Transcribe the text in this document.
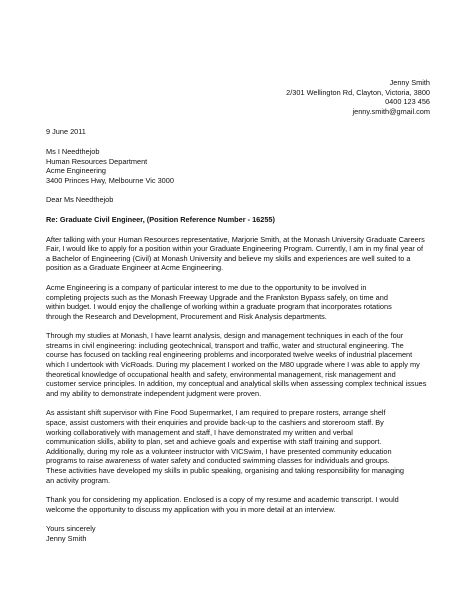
Jenny Smith
2/301 Wellington Rd, Clayton, Victoria, 3800
0400 123 456
jenny.smith@gmail.com
9 June 2011
Ms I Needthejob
Human Resources Department
Acme Engineering
3400 Princes Hwy, Melbourne Vic 3000
Dear Ms Needthejob
Re: Graduate Civil Engineer, (Position Reference Number - 16255)
After talking with your Human Resources representative, Marjorie Smith, at the Monash University Graduate Careers
Fair, I would like to apply for a position within your Graduate Engineering Program. Currently, I am in my final year of
a Bachelor of Engineering (Civil) at Monash University and believe my skills and experiences are well suited to a
position as a Graduate Engineer at Acme Engineering.
Acme Engineering is a company of particular interest to me due to the opportunity to be involved in
completing projects such as the Monash Freeway Upgrade and the Frankston Bypass safely, on time and
within budget. I would enjoy the challenge of working within a graduate program that incorporates rotations
through the Research and Development, Procurement and Risk Analysis departments.
Through my studies at Monash, I have learnt analysis, design and management techniques in each of the four
streams in civil engineering: including geotechnical, transport and traffic, water and structural engineering. The
course has focused on tackling real engineering problems and incorporated twelve weeks of industrial placement
which I undertook with VicRoads. During my placement I worked on the M80 upgrade where I was able to apply my
theoretical knowledge of occupational health and safety, environmental management, risk management and
customer service principles. In addition, my conceptual and analytical skills when assessing complex technical issues
and my ability to demonstrate independent judgment were proven.
As assistant shift supervisor with Fine Food Supermarket, I am required to prepare rosters, arrange shelf
space, assist customers with their enquiries and provide back-up to the cashiers and storeroom staff. By
working collaboratively with management and staff, I have demonstrated my written and verbal
communication skills, ability to plan, set and achieve goals and expertise with staff training and support.
Additionally, during my role as a volunteer instructor with VICSwim, I have presented community education
programs to raise awareness of water safety and conducted swimming classes for individuals and groups.
These activities have developed my skills in public speaking, organising and taking responsibility for managing
an activity program.
Thank you for considering my application. Enclosed is a copy of my resume and academic transcript. I would
welcome the opportunity to discuss my application with you in more detail at an interview.
Yours sincerely
Jenny Smith
